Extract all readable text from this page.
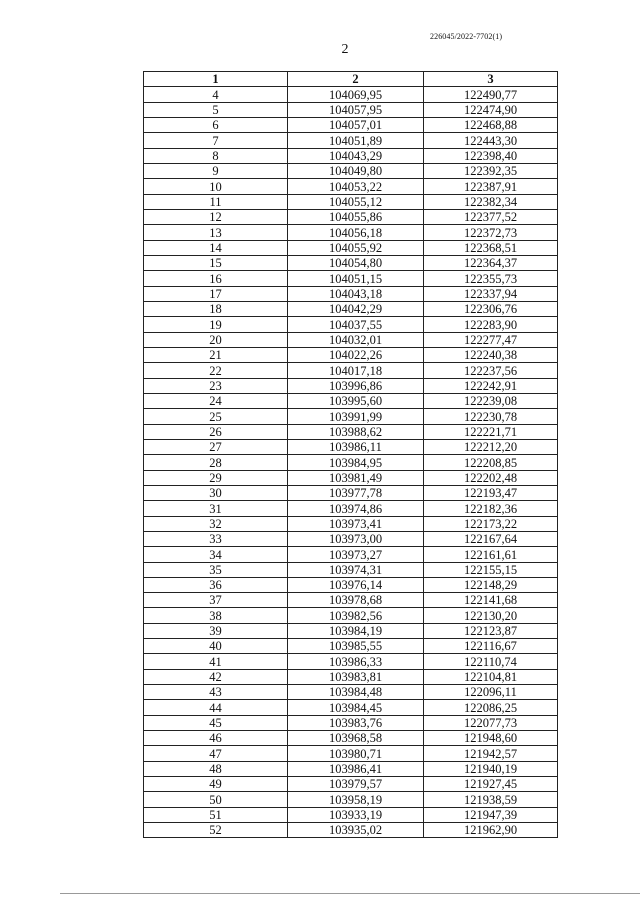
226045/2022-7702(1)
2
1	2	3
4	104069,95	122490,77
5	104057,95	122474,90
6	104057,01	122468,88
7	104051,89	122443,30
8	104043,29	122398,40
9	104049,80	122392,35
10	104053,22	122387,91
11	104055,12	122382,34
12	104055,86	122377,52
13	104056,18	122372,73
14	104055,92	122368,51
15	104054,80	122364,37
16	104051,15	122355,73
17	104043,18	122337,94
18	104042,29	122306,76
19	104037,55	122283,90
20	104032,01	122277,47
21	104022,26	122240,38
22	104017,18	122237,56
23	103996,86	122242,91
24	103995,60	122239,08
25	103991,99	122230,78
26	103988,62	122221,71
27	103986,11	122212,20
28	103984,95	122208,85
29	103981,49	122202,48
30	103977,78	122193,47
31	103974,86	122182,36
32	103973,41	122173,22
33	103973,00	122167,64
34	103973,27	122161,61
35	103974,31	122155,15
36	103976,14	122148,29
37	103978,68	122141,68
38	103982,56	122130,20
39	103984,19	122123,87
40	103985,55	122116,67
41	103986,33	122110,74
42	103983,81	122104,81
43	103984,48	122096,11
44	103984,45	122086,25
45	103983,76	122077,73
46	103968,58	121948,60
47	103980,71	121942,57
48	103986,41	121940,19
49	103979,57	121927,45
50	103958,19	121938,59
51	103933,19	121947,39
52	103935,02	121962,90
